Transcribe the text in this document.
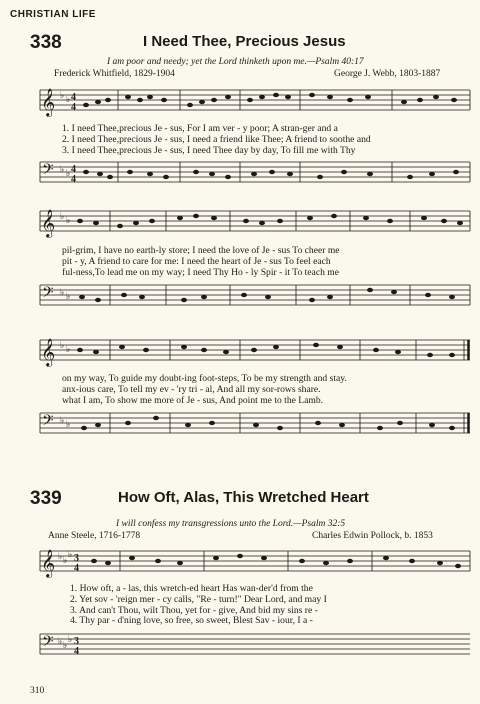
CHRISTIAN LIFE
338	I Need Thee, Precious Jesus
I am poor and needy; yet the Lord thinketh upon me.—Psalm 40:17
Frederick Whitfield, 1829-1904	George J. Webb, 1803-1887
𝄞 ♭ ♭ 4
4
1. I need Thee,precious Je - sus, For I am ver - y poor; A stran-ger and a
2. I need Thee,precious Je - sus, I need a friend like Thee; A friend to soothe and
3. I need Thee,precious Je - sus, I need Thee day by day, To fill me with Thy
𝄢 ♭ ♭ 4
4
𝄞 ♭ ♭
pil-grim, I have no earth-ly store; I need the love of Je - sus To cheer me
pit - y, A friend to care for me: I need the heart of Je - sus To feel each
ful-ness,To lead me on my way; I need Thy Ho - ly Spir - it To teach me
𝄢 ♭ ♭
𝄞 ♭ ♭
on my way, To guide my doubt-ing foot-steps, To be my strength and stay.
anx-ious care, To tell my ev - 'ry tri - al, And all my sor-rows share.
what I am, To show me more of Je - sus, And point me to the Lamb.
𝄢 ♭ ♭
339	How Oft, Alas, This Wretched Heart
I will confess my transgressions unto the Lord.—Psalm 32:5
Anne Steele, 1716-1778	Charles Edwin Pollock, b. 1853
𝄞 ♭ ♭
♭ 3
4
1. How oft, a - las, this wretch-ed heart Has wan-der'd from the
2. Yet sov - 'reign mer - cy calls, "Re - turn!" Dear Lord, and may I
3. And can't Thou, wilt Thou, yet for - give, And bid my sins re -
4. Thy par - d'ning love, so free, so sweet, Blest Sav - iour, I a -
𝄢 ♭ ♭
♭ 3
4
310
